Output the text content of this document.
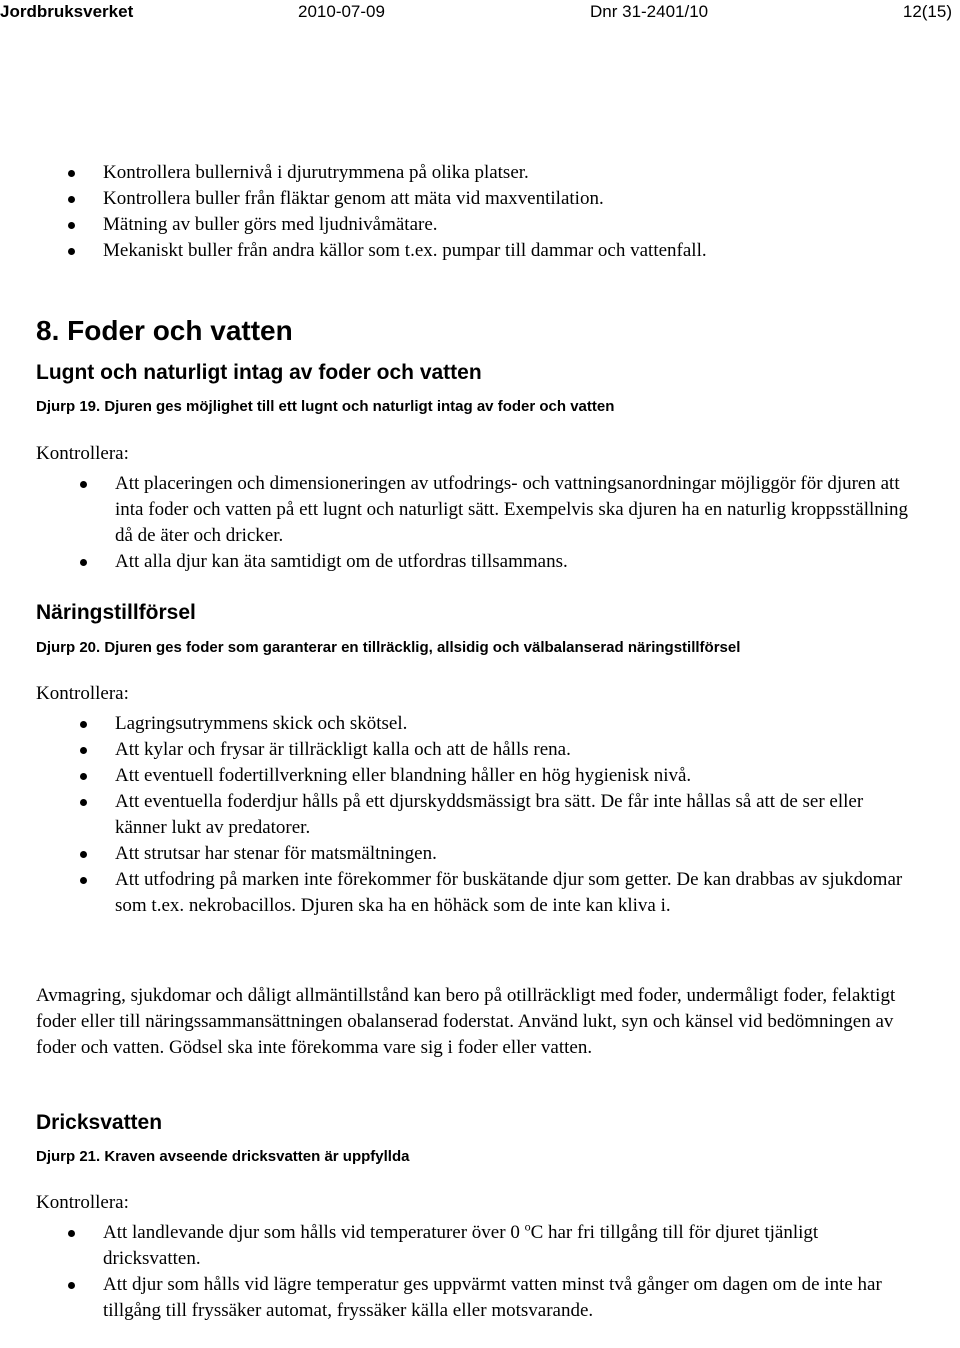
Jordbruksverket	2010-07-09	Dnr 31-2401/10	12(15)
Kontrollera bullernivå i djurutrymmena på olika platser.
Kontrollera buller från fläktar genom att mäta vid maxventilation.
Mätning av buller görs med ljudnivåmätare.
Mekaniskt buller från andra källor som t.ex. pumpar till dammar och vattenfall.
8. Foder och vatten
Lugnt och naturligt intag av foder och vatten
Djurp 19. Djuren ges möjlighet till ett lugnt och naturligt intag av foder och vatten
Kontrollera:
Att placeringen och dimensioneringen av utfodrings- och vattningsanordningar möjliggör för djuren att inta foder och vatten på ett lugnt och naturligt sätt. Exempelvis ska djuren ha en naturlig kroppsställning då de äter och dricker.
Att alla djur kan äta samtidigt om de utfordras tillsammans.
Näringstillförsel
Djurp 20. Djuren ges foder som garanterar en tillräcklig, allsidig och välbalanserad näringstillförsel
Kontrollera:
Lagringsutrymmens skick och skötsel.
Att kylar och frysar är tillräckligt kalla och att de hålls rena.
Att eventuell fodertillverkning eller blandning håller en hög hygienisk nivå.
Att eventuella foderdjur hålls på ett djurskyddsmässigt bra sätt. De får inte hållas så att de ser eller känner lukt av predatorer.
Att strutsar har stenar för matsmältningen.
Att utfodring på marken inte förekommer för buskätande djur som getter. De kan drabbas av sjukdomar som t.ex. nekrobacillos. Djuren ska ha en höhäck som de inte kan kliva i.
Avmagring, sjukdomar och dåligt allmäntillstånd kan bero på otillräckligt med foder, undermåligt foder, felaktigt foder eller till näringssammansättningen obalanserad foderstat. Använd lukt, syn och känsel vid bedömningen av foder och vatten. Gödsel ska inte förekomma vare sig i foder eller vatten.
Dricksvatten
Djurp 21. Kraven avseende dricksvatten är uppfyllda
Kontrollera:
Att landlevande djur som hålls vid temperaturer över 0 $^o$C har fri tillgång till för djuret tjänligt dricksvatten.
Att djur som hålls vid lägre temperatur ges uppvärmt vatten minst två gånger om dagen om de inte har tillgång till fryssäker automat, fryssäker källa eller motsvarande.
